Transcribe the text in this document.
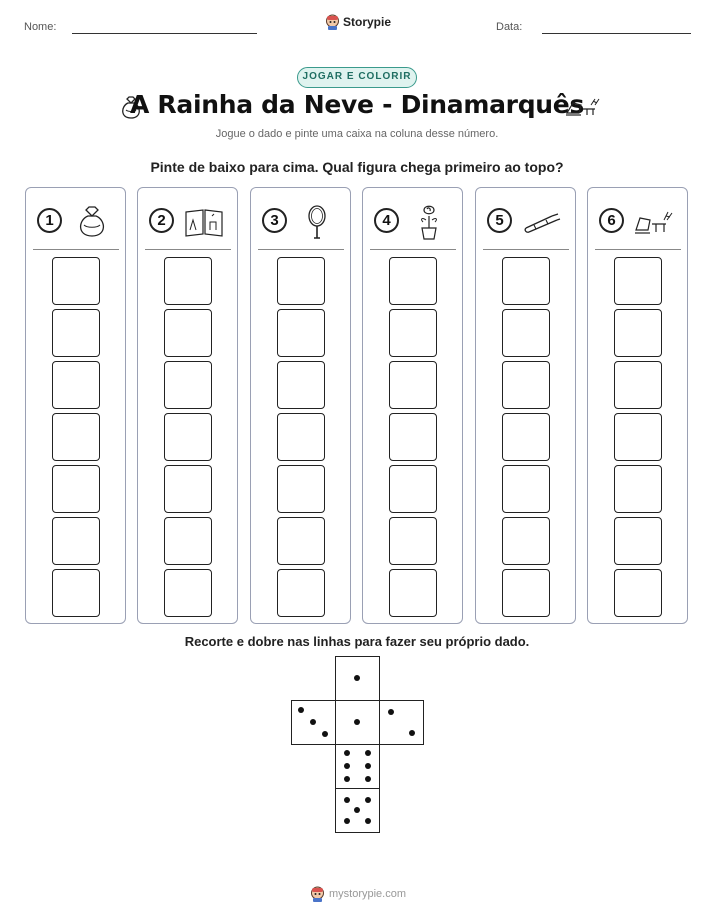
Nome:	Storypie	Data:
JOGAR E COLORIR
A Rainha da Neve - Dinamarquês
Jogue o dado e pinte uma caixa na coluna desse número.
Pinte de baixo para cima. Qual figura chega primeiro ao topo?
1	2	3	4	5	6
Recorte e dobre nas linhas para fazer seu próprio dado.
mystorypie.com
